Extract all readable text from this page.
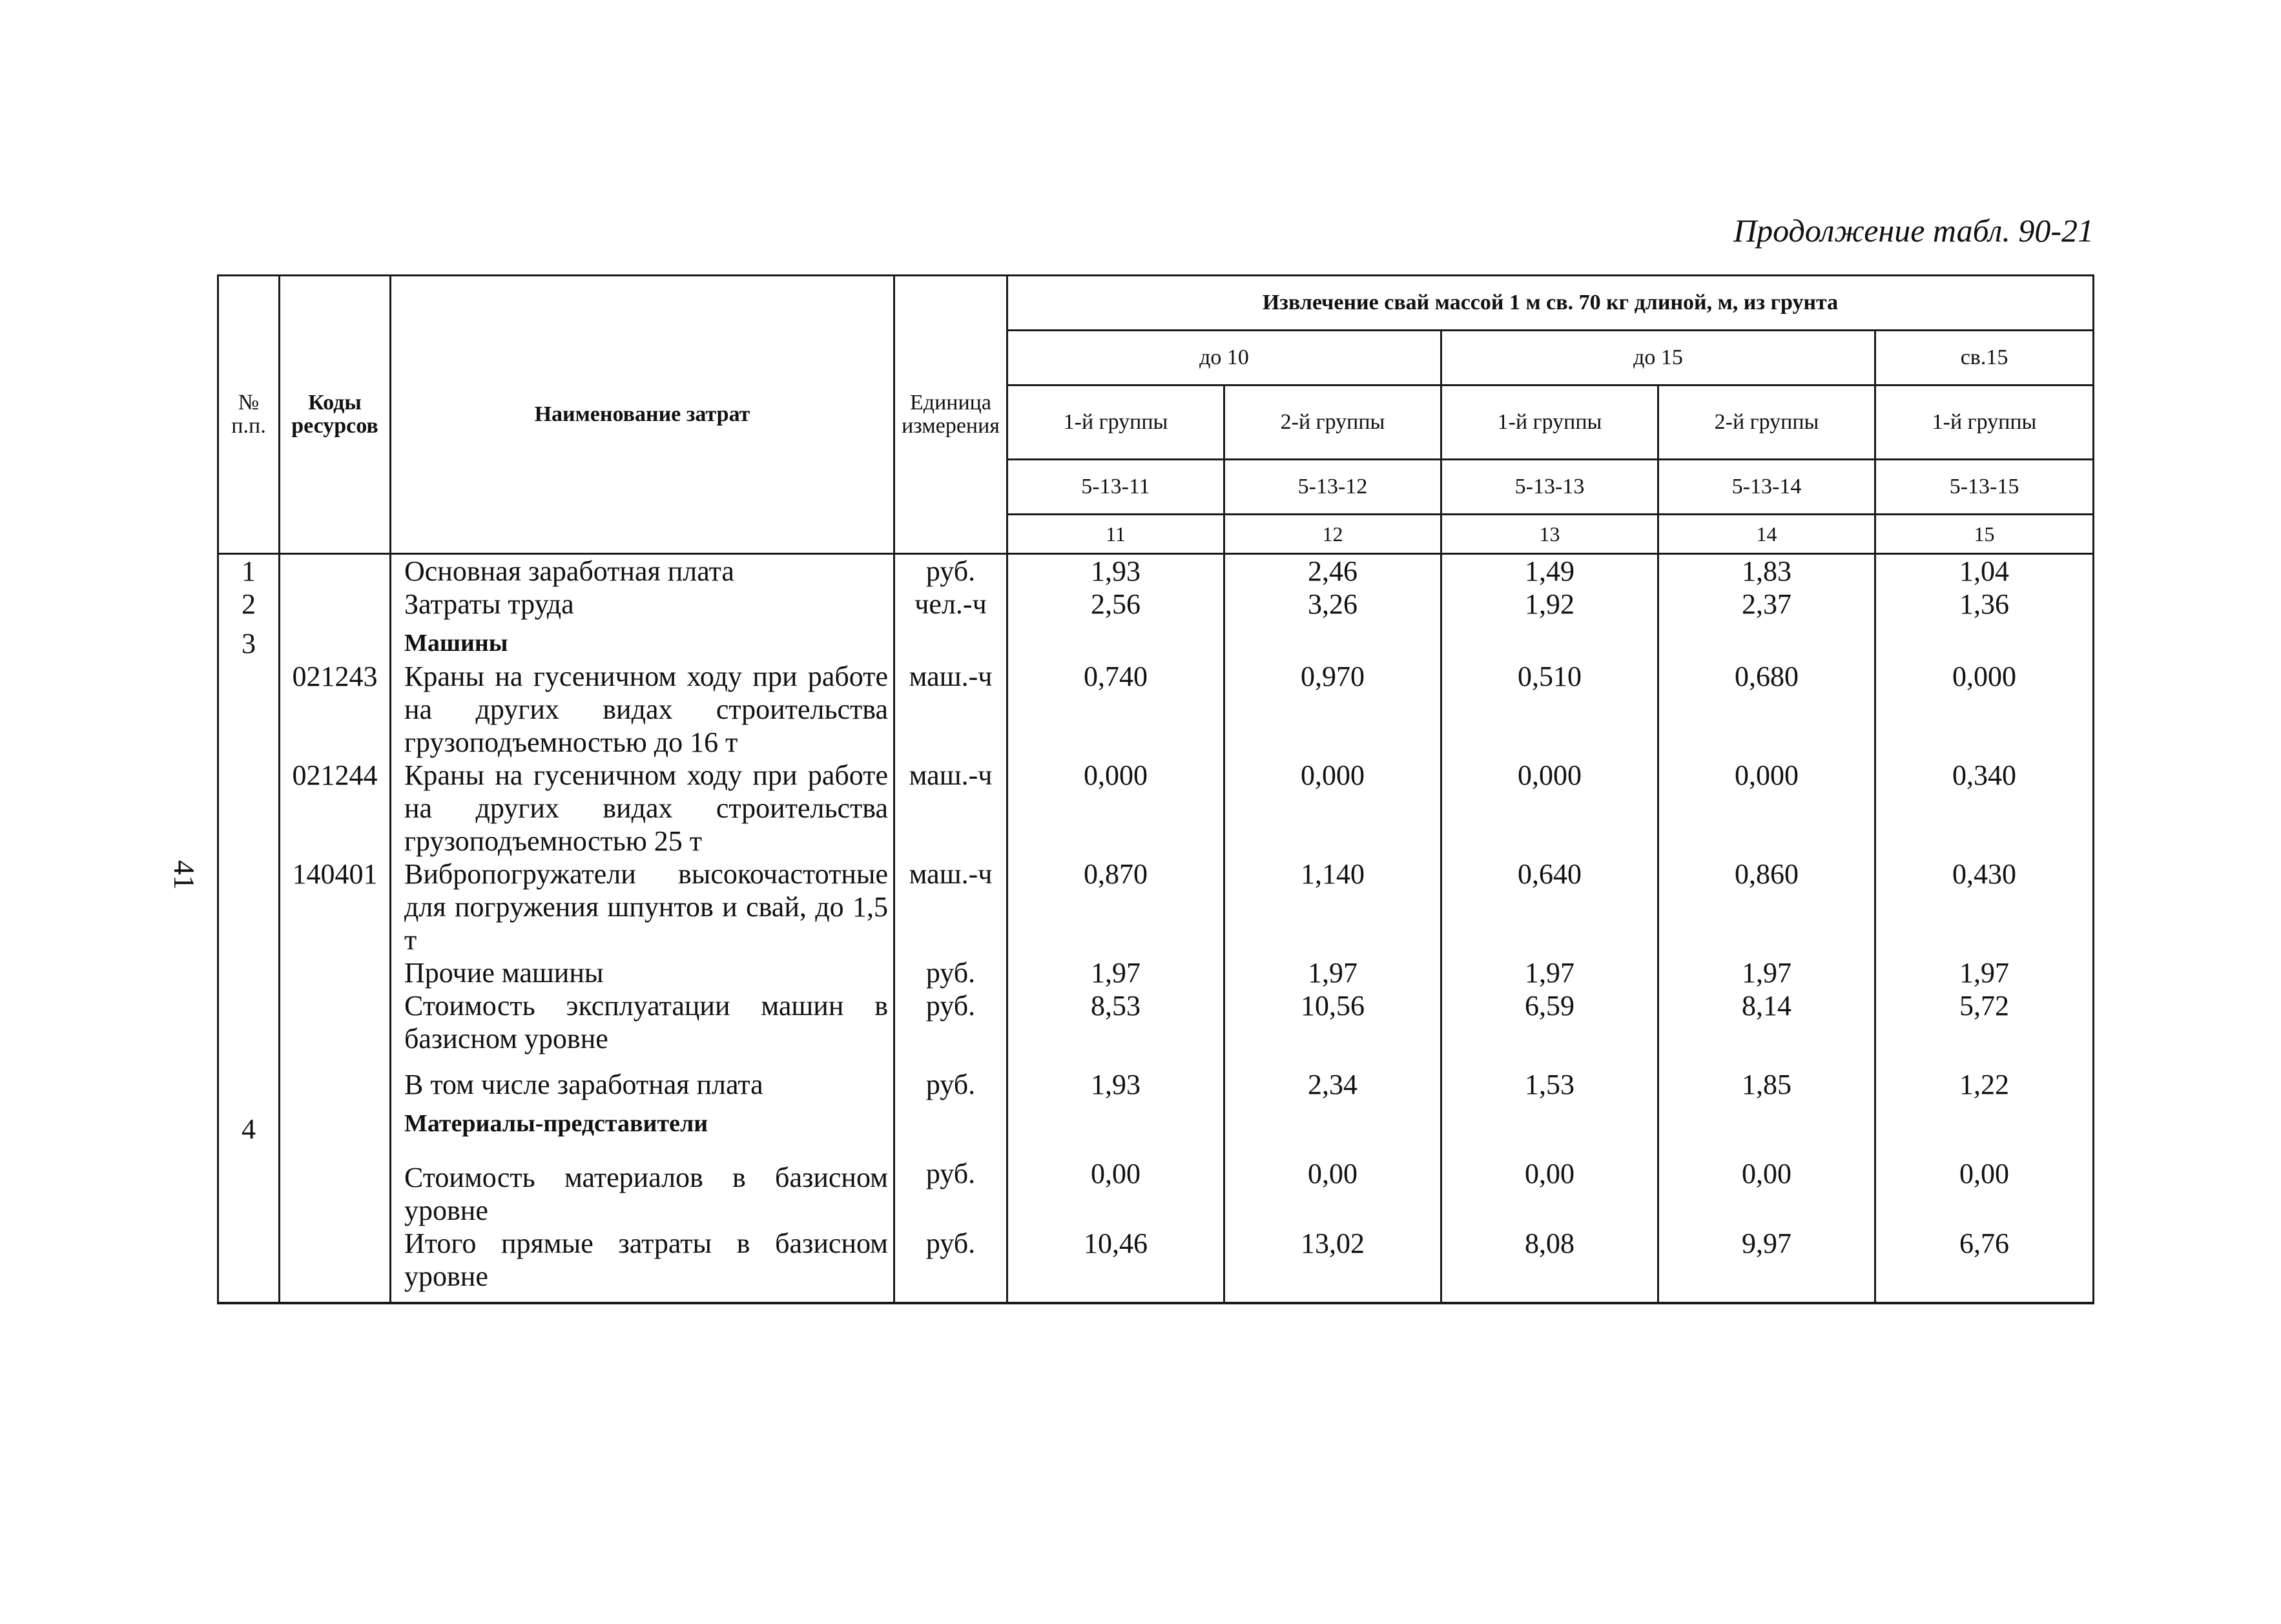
41
Продолжение табл. 90-21
№ п.п.	Коды ресурсов	Наименование затрат	Единица измерения	Извлечение свай массой 1 м св. 70 кг длиной, м, из грунта				
				до 10		до 15		св.15
				1-й группы	2-й группы	1-й группы	2-й группы	1-й группы
				5-13-11	5-13-12	5-13-13	5-13-14	5-13-15
				11	12	13	14	15
1		Основная заработная плата	руб.	1,93	2,46	1,49	1,83	1,04
2		Затраты труда	чел.-ч	2,56	3,26	1,92	2,37	1,36
3		Машины						
	021243	Краны на гусеничном ходу при работе на других видах строительства грузоподъемностью до 16 т	маш.-ч	0,740	0,970	0,510	0,680	0,000
	021244	Краны на гусеничном ходу при работе на других видах строительства грузоподъемностью 25 т	маш.-ч	0,000	0,000	0,000	0,000	0,340
	140401	Вибропогружатели высокочастотные для погружения шпунтов и свай, до 1,5 т	маш.-ч	0,870	1,140	0,640	0,860	0,430
		Прочие машины	руб.	1,97	1,97	1,97	1,97	1,97
		Стоимость эксплуатации машин в базисном уровне	руб.	8,53	10,56	6,59	8,14	5,72
		В том числе заработная плата	руб.	1,93	2,34	1,53	1,85	1,22
4		Материалы-представители						
		Стоимость материалов в базисном уровне	руб.	0,00	0,00	0,00	0,00	0,00
		Итого прямые затраты в базисном уровне	руб.	10,46	13,02	8,08	9,97	6,76
